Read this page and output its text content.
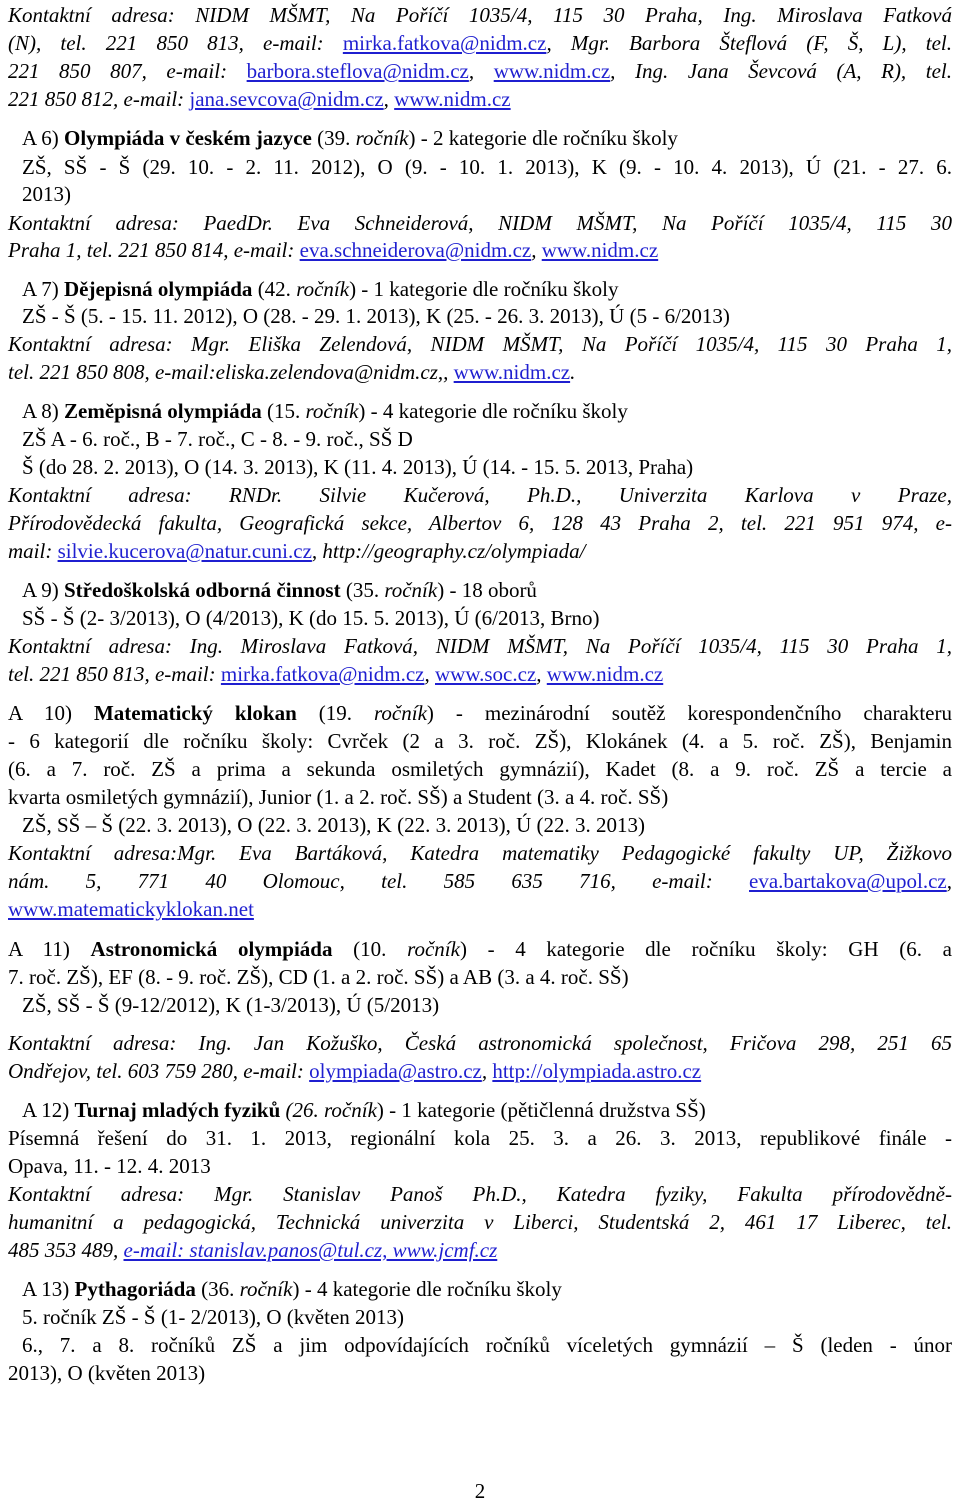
2
Kontaktní adresa: NIDM MŠMT, Na Poříčí 1035/4, 115 30 Praha, Ing. Miroslava Fatková
(N), tel. 221 850 813, e-mail: mirka.fatkova@nidm.cz, Mgr. Barbora Šteflová (F, Š, L), tel.
221 850 807, e-mail: barbora.steflova@nidm.cz, www.nidm.cz, Ing. Jana Ševcová (A, R), tel.
221 850 812, e-mail: jana.sevcova@nidm.cz, www.nidm.cz
A 6) Olympiáda v českém jazyce (39. ročník) - 2 kategorie dle ročníku školy
ZŠ, SŠ - Š (29. 10. - 2. 11. 2012), O (9. - 10. 1. 2013), K (9. - 10. 4. 2013), Ú (21. - 27. 6.
2013)
Kontaktní adresa: PaedDr. Eva Schneiderová, NIDM MŠMT, Na Poříčí 1035/4, 115 30
Praha 1, tel. 221 850 814, e-mail: eva.schneiderova@nidm.cz, www.nidm.cz
A 7) Dějepisná olympiáda (42. ročník) - 1 kategorie dle ročníku školy
ZŠ - Š (5. - 15. 11. 2012), O (28. - 29. 1. 2013), K (25. - 26. 3. 2013), Ú (5 - 6/2013)
Kontaktní adresa: Mgr. Eliška Zelendová, NIDM MŠMT, Na Poříčí 1035/4, 115 30 Praha 1,
tel. 221 850 808, e-mail:eliska.zelendova@nidm.cz,, www.nidm.cz.
A 8) Zeměpisná olympiáda (15. ročník) - 4 kategorie dle ročníku školy
ZŠ A - 6. roč., B - 7. roč., C - 8. - 9. roč., SŠ D
Š (do 28. 2. 2013), O (14. 3. 2013), K (11. 4. 2013), Ú (14. - 15. 5. 2013, Praha)
Kontaktní adresa: RNDr. Silvie Kučerová, Ph.D., Univerzita Karlova v Praze,
Přírodovědecká fakulta, Geografická sekce, Albertov 6, 128 43 Praha 2, tel. 221 951 974, e-
mail: silvie.kucerova@natur.cuni.cz, http://geography.cz/olympiada/
A 9) Středoškolská odborná činnost (35. ročník) - 18 oborů
SŠ - Š (2- 3/2013), O (4/2013), K (do 15. 5. 2013), Ú (6/2013, Brno)
Kontaktní adresa: Ing. Miroslava Fatková, NIDM MŠMT, Na Poříčí 1035/4, 115 30 Praha 1,
tel. 221 850 813, e-mail: mirka.fatkova@nidm.cz, www.soc.cz, www.nidm.cz
A 10) Matematický klokan (19. ročník) - mezinárodní soutěž korespondenčního charakteru
- 6 kategorií dle ročníku školy: Cvrček (2 a 3. roč. ZŠ), Klokánek (4. a 5. roč. ZŠ), Benjamin
(6. a 7. roč. ZŠ a prima a sekunda osmiletých gymnázií), Kadet (8. a 9. roč. ZŠ a tercie a
kvarta osmiletých gymnázií), Junior (1. a 2. roč. SŠ) a Student (3. a 4. roč. SŠ)
ZŠ, SŠ – Š (22. 3. 2013), O (22. 3. 2013), K (22. 3. 2013), Ú (22. 3. 2013)
Kontaktní adresa:Mgr. Eva Bartáková, Katedra matematiky Pedagogické fakulty UP, Žižkovo
nám. 5, 771 40 Olomouc, tel. 585 635 716, e-mail: eva.bartakova@upol.cz,
www.matematickyklokan.net
A 11) Astronomická olympiáda (10. ročník) - 4 kategorie dle ročníku školy: GH (6. a
7. roč. ZŠ), EF (8. - 9. roč. ZŠ), CD (1. a 2. roč. SŠ) a AB (3. a 4. roč. SŠ)
ZŠ, SŠ - Š (9-12/2012), K (1-3/2013), Ú (5/2013)
Kontaktní adresa: Ing. Jan Kožuško, Česká astronomická společnost, Fričova 298, 251 65
Ondřejov, tel. 603 759 280, e-mail: olympiada@astro.cz, http://olympiada.astro.cz
A 12) Turnaj mladých fyziků (26. ročník) - 1 kategorie (pětičlenná družstva SŠ)
Písemná řešení do 31. 1. 2013, regionální kola 25. 3. a 26. 3. 2013, republikové finále -
Opava, 11. - 12. 4. 2013
Kontaktní adresa: Mgr. Stanislav Panoš Ph.D., Katedra fyziky, Fakulta přírodovědně-
humanitní a pedagogická, Technická univerzita v Liberci, Studentská 2, 461 17 Liberec, tel.
485 353 489, e-mail: stanislav.panos@tul.cz, www.jcmf.cz
A 13) Pythagoriáda (36. ročník) - 4 kategorie dle ročníku školy
5. ročník ZŠ - Š (1- 2/2013), O (květen 2013)
6., 7. a 8. ročníků ZŠ a jim odpovídajících ročníků víceletých gymnázií – Š (leden - únor
2013), O (květen 2013)
